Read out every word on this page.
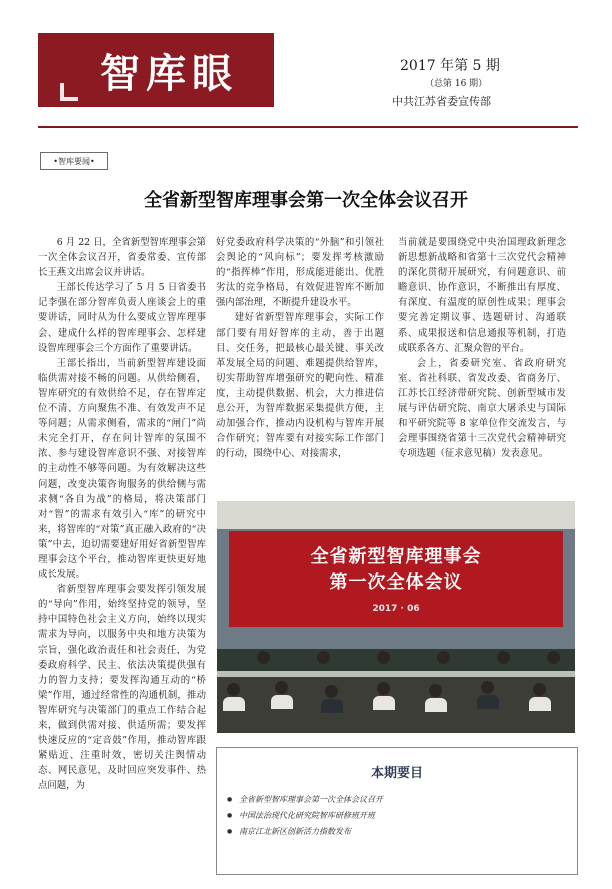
智库眼	2017 年第 5 期
（总第 16 期）
中共江苏省委宣传部
•智库要闻•
全省新型智库理事会第一次全体会议召开

6 月 22 日，全省新型智库理事会第一次全体会议召开，省委常委、宣传部长王燕文出席会议并讲话。

王部长传达学习了 5 月 5 日省委书记李强在部分智库负责人座谈会上的重要讲话，同时从为什么要成立智库理事会、建成什么样的智库理事会、怎样建设智库理事会三个方面作了重要讲话。

王部长指出，当前新型智库建设面临供需对接不畅的问题。从供给侧看，智库研究的有效供给不足，存在智库定位不清、方向聚焦不准、有效发声不足等问题；从需求侧看，需求的“闸门”尚未完全打开，存在问计智库的氛围不浓、参与建设智库意识不强、对接智库的主动性不够等问题。为有效解决这些问题，改变决策咨询服务的供给侧与需求侧“各自为战”的格局，将决策部门对“智”的需求有效引入“库”的研究中来，将智库的“对策”真正融入政府的“决策”中去，迫切需要建好用好省新型智库理事会这个平台，推动智库更快更好地成长发展。

省新型智库理事会要发挥引领发展的“导向”作用，始终坚持党的领导，坚持中国特色社会主义方向，始终以现实需求为导向，以服务中央和地方决策为宗旨，强化政治责任和社会责任，为党委政府科学、民主、依法决策提供强有力的智力支持；要发挥沟通互动的“桥梁”作用，通过经常性的沟通机制，推动智库研究与决策部门的重点工作结合起来，做到供需对接、供适所需；要发挥快速反应的“定音鼓”作用，推动智库跟紧贴近、注重时效，密切关注舆情动态、网民意见，及时回应突发事件、热点问题，为

好党委政府科学决策的“外脑”和引领社会舆论的“风向标”；要发挥考核激励的“指挥棒”作用，形成能进能出、优胜劣汰的竞争格局，有效促进智库不断加强内部治理，不断提升建设水平。

建好省新型智库理事会，实际工作部门要有用好智库的主动，善于出题目、交任务，把最核心最关键、事关改革发展全局的问题、难题提供给智库，切实帮助智库增强研究的靶向性、精准度，主动提供数据、机会，大力推进信息公开，为智库数据采集提供方便，主动加强合作，推动内设机构与智库开展合作研究；智库要有对接实际工作部门的行动，围绕中心、对接需求，

当前就是要围绕党中央治国理政新理念新思想新战略和省第十三次党代会精神的深化贯彻开展研究，有问题意识、前瞻意识、协作意识，不断推出有厚度、有深度、有温度的原创性成果；理事会要完善定期议事、选题研讨、沟通联系、成果报送和信息通报等机制，打造成联系各方、汇聚众智的平台。

会上，省委研究室、省政府研究室、省社科联、省发改委、省商务厅、江苏长江经济带研究院、创新型城市发展与评估研究院、南京大屠杀史与国际和平研究院等 8 家单位作交流发言，与会理事围绕省第十三次党代会精神研究专项选题（征求意见稿）发表意见。

全省新型智库理事会
第一次全体会议
2017 · 06
本期要目
● 全省新型智库理事会第一次全体会议召开
● 中国法治现代化研究院智库研修班开班
● 南京江北新区创新活力指数发布
